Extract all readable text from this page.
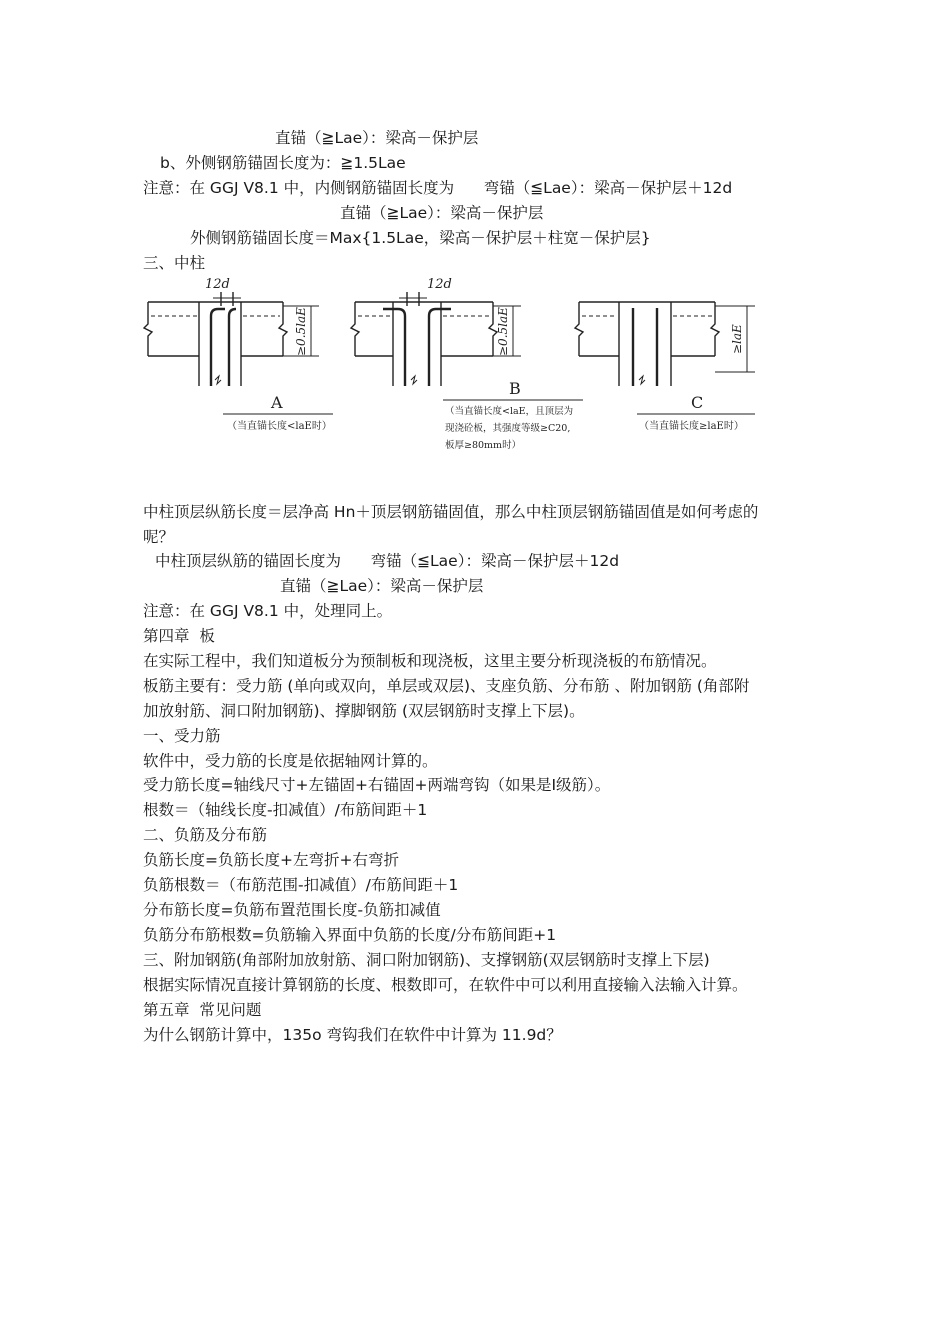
直锚（≧Lae）：梁高－保护层
b、外侧钢筋锚固长度为：≧1.5Lae
注意：在 GGJ V8.1 中，内侧钢筋锚固长度为      弯锚（≦Lae）：梁高－保护层＋12d
直锚（≧Lae）：梁高－保护层
外侧钢筋锚固长度＝Max{1.5Lae，梁高－保护层＋柱宽－保护层}
三、中柱
12d
≥0.5laE
A
（当直锚长度<laE时）
12d
≥0.5laE
B
（当直锚长度<laE，且顶层为
现浇砼板，其强度等级≥C20,
板厚≥80mm时）
≥laE
C
（当直锚长度≥laE时）
中柱顶层纵筋长度＝层净高 Hn＋顶层钢筋锚固值，那么中柱顶层钢筋锚固值是如何考虑的
呢？
中柱顶层纵筋的锚固长度为      弯锚（≦Lae）：梁高－保护层＋12d
直锚（≧Lae）：梁高－保护层
注意：在 GGJ V8.1 中，处理同上。
第四章  板
在实际工程中，我们知道板分为预制板和现浇板，这里主要分析现浇板的布筋情况。
板筋主要有：受力筋 (单向或双向，单层或双层)、支座负筋、分布筋 、附加钢筋 (角部附
加放射筋、洞口附加钢筋)、撑脚钢筋 (双层钢筋时支撑上下层)。
一、受力筋
软件中，受力筋的长度是依据轴网计算的。
受力筋长度=轴线尺寸+左锚固+右锚固+两端弯钩（如果是Ⅰ级筋）。
根数＝（轴线长度-扣减值）/布筋间距＋1
二、负筋及分布筋
负筋长度=负筋长度+左弯折+右弯折
负筋根数＝（布筋范围-扣减值）/布筋间距＋1
分布筋长度=负筋布置范围长度-负筋扣减值
负筋分布筋根数=负筋输入界面中负筋的长度/分布筋间距+1
三、附加钢筋(角部附加放射筋、洞口附加钢筋)、支撑钢筋(双层钢筋时支撑上下层)
根据实际情况直接计算钢筋的长度、根数即可，在软件中可以利用直接输入法输入计算。
第五章  常见问题
为什么钢筋计算中，135o 弯钩我们在软件中计算为 11.9d？
